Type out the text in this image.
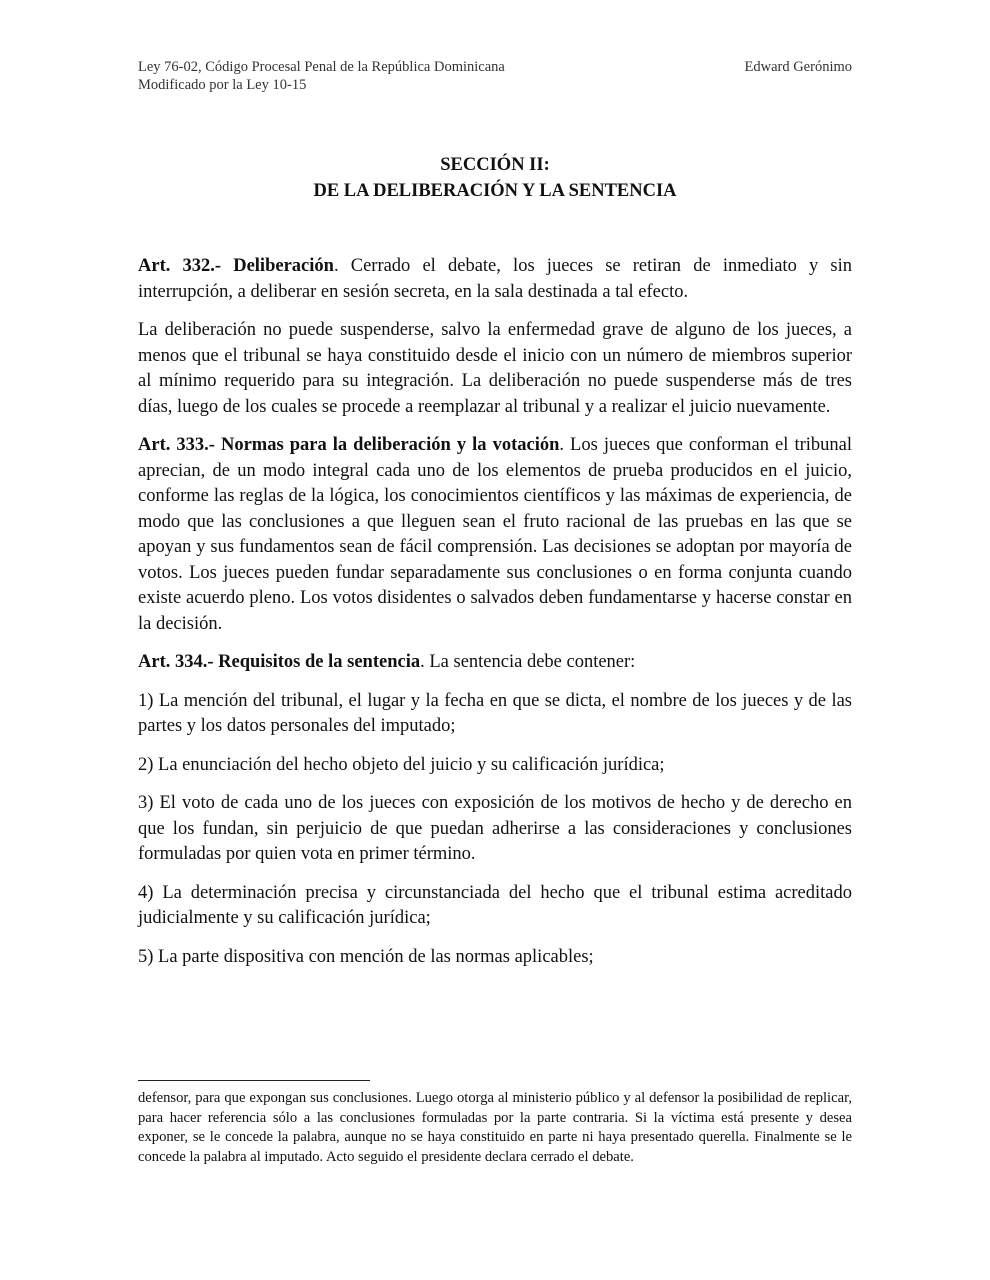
Ley 76-02, Código Procesal Penal de la República Dominicana
Modificado por la Ley 10-15
Edward Gerónimo
SECCIÓN II:
DE LA DELIBERACIÓN Y LA SENTENCIA

Art. 332.- Deliberación. Cerrado el debate, los jueces se retiran de inmediato y sin interrupción, a deliberar en sesión secreta, en la sala destinada a tal efecto.

La deliberación no puede suspenderse, salvo la enfermedad grave de alguno de los jueces, a menos que el tribunal se haya constituido desde el inicio con un número de miembros superior al mínimo requerido para su integración. La deliberación no puede suspenderse más de tres días, luego de los cuales se procede a reemplazar al tribunal y a realizar el juicio nuevamente.

Art. 333.- Normas para la deliberación y la votación. Los jueces que conforman el tribunal aprecian, de un modo integral cada uno de los elementos de prueba producidos en el juicio, conforme las reglas de la lógica, los conocimientos científicos y las máximas de experiencia, de modo que las conclusiones a que lleguen sean el fruto racional de las pruebas en las que se apoyan y sus fundamentos sean de fácil comprensión. Las decisiones se adoptan por mayoría de votos. Los jueces pueden fundar separadamente sus conclusiones o en forma conjunta cuando existe acuerdo pleno. Los votos disidentes o salvados deben fundamentarse y hacerse constar en la decisión.

Art. 334.- Requisitos de la sentencia. La sentencia debe contener:

1) La mención del tribunal, el lugar y la fecha en que se dicta, el nombre de los jueces y de las partes y los datos personales del imputado;

2) La enunciación del hecho objeto del juicio y su calificación jurídica;

3) El voto de cada uno de los jueces con exposición de los motivos de hecho y de derecho en que los fundan, sin perjuicio de que puedan adherirse a las consideraciones y conclusiones formuladas por quien vota en primer término.

4) La determinación precisa y circunstanciada del hecho que el tribunal estima acreditado judicialmente y su calificación jurídica;

5) La parte dispositiva con mención de las normas aplicables;

defensor, para que expongan sus conclusiones. Luego otorga al ministerio público y al defensor la posibilidad de replicar, para hacer referencia sólo a las conclusiones formuladas por la parte contraria. Si la víctima está presente y desea exponer, se le concede la palabra, aunque no se haya constituido en parte ni haya presentado querella. Finalmente se le concede la palabra al imputado. Acto seguido el presidente declara cerrado el debate.
